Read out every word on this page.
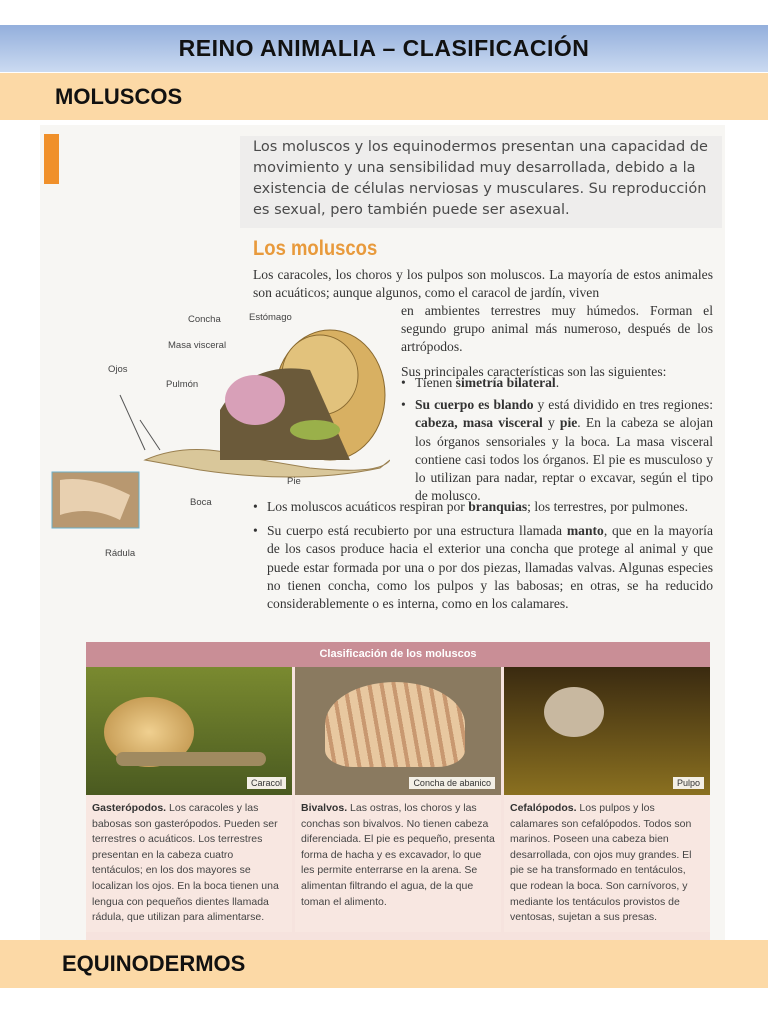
REINO ANIMALIA – CLASIFICACIÓN
MOLUSCOS
Los moluscos y los equinodermos presentan una capacidad de movimiento y una sensibilidad muy desarrollada, debido a la existencia de células nerviosas y musculares. Su reproducción es sexual, pero también puede ser asexual.
Los moluscos
Los caracoles, los choros y los pulpos son moluscos. La mayoría de estos animales son acuáticos; aunque algunos, como el caracol de jardín, viven
en ambientes terrestres muy húmedos. Forman el segundo grupo animal más numeroso, después de los artrópodos.
Sus principales características son las siguientes:
• Tienen simetría bilateral.
• Su cuerpo es blando y está dividido en tres regiones: cabeza, masa visceral y pie. En la cabeza se alojan los órganos sensoriales y la boca. La masa visceral contiene casi todos los órganos. El pie es musculoso y lo utilizan para nadar, reptar o excavar, según el tipo de molusco.
• Los moluscos acuáticos respiran por branquias; los terrestres, por pulmones.
• Su cuerpo está recubierto por una estructura llamada manto, que en la mayoría de los casos produce hacia el exterior una concha que protege al animal y que puede estar formada por una o por dos piezas, llamadas valvas. Algunas especies no tienen concha, como los pulpos y las babosas; en otras, se ha reducido considerablemente o es interna, como en los calamares.
Concha	Estómago
Masa visceral
Ojos
Pulmón
Pie
Boca
Rádula
Clasificación de los moluscos
Caracol	Concha de abanico	Pulpo
Gasterópodos. Los caracoles y las babosas son gasterópodos. Pueden ser terrestres o acuáticos. Los terrestres presentan en la cabeza cuatro tentáculos; en los dos mayores se localizan los ojos. En la boca tienen una lengua con pequeños dientes llamada rádula, que utilizan para alimentarse.
Bivalvos. Las ostras, los choros y las conchas son bivalvos. No tienen cabeza diferenciada. El pie es pequeño, presenta forma de hacha y es excavador, lo que les permite enterrarse en la arena. Se alimentan filtrando el agua, de la que toman el alimento.
Cefalópodos. Los pulpos y los calamares son cefalópodos. Todos son marinos. Poseen una cabeza bien desarrollada, con ojos muy grandes. El pie se ha transformado en tentáculos, que rodean la boca. Son carnívoros, y mediante los tentáculos provistos de ventosas, sujetan a sus presas.
EQUINODERMOS
